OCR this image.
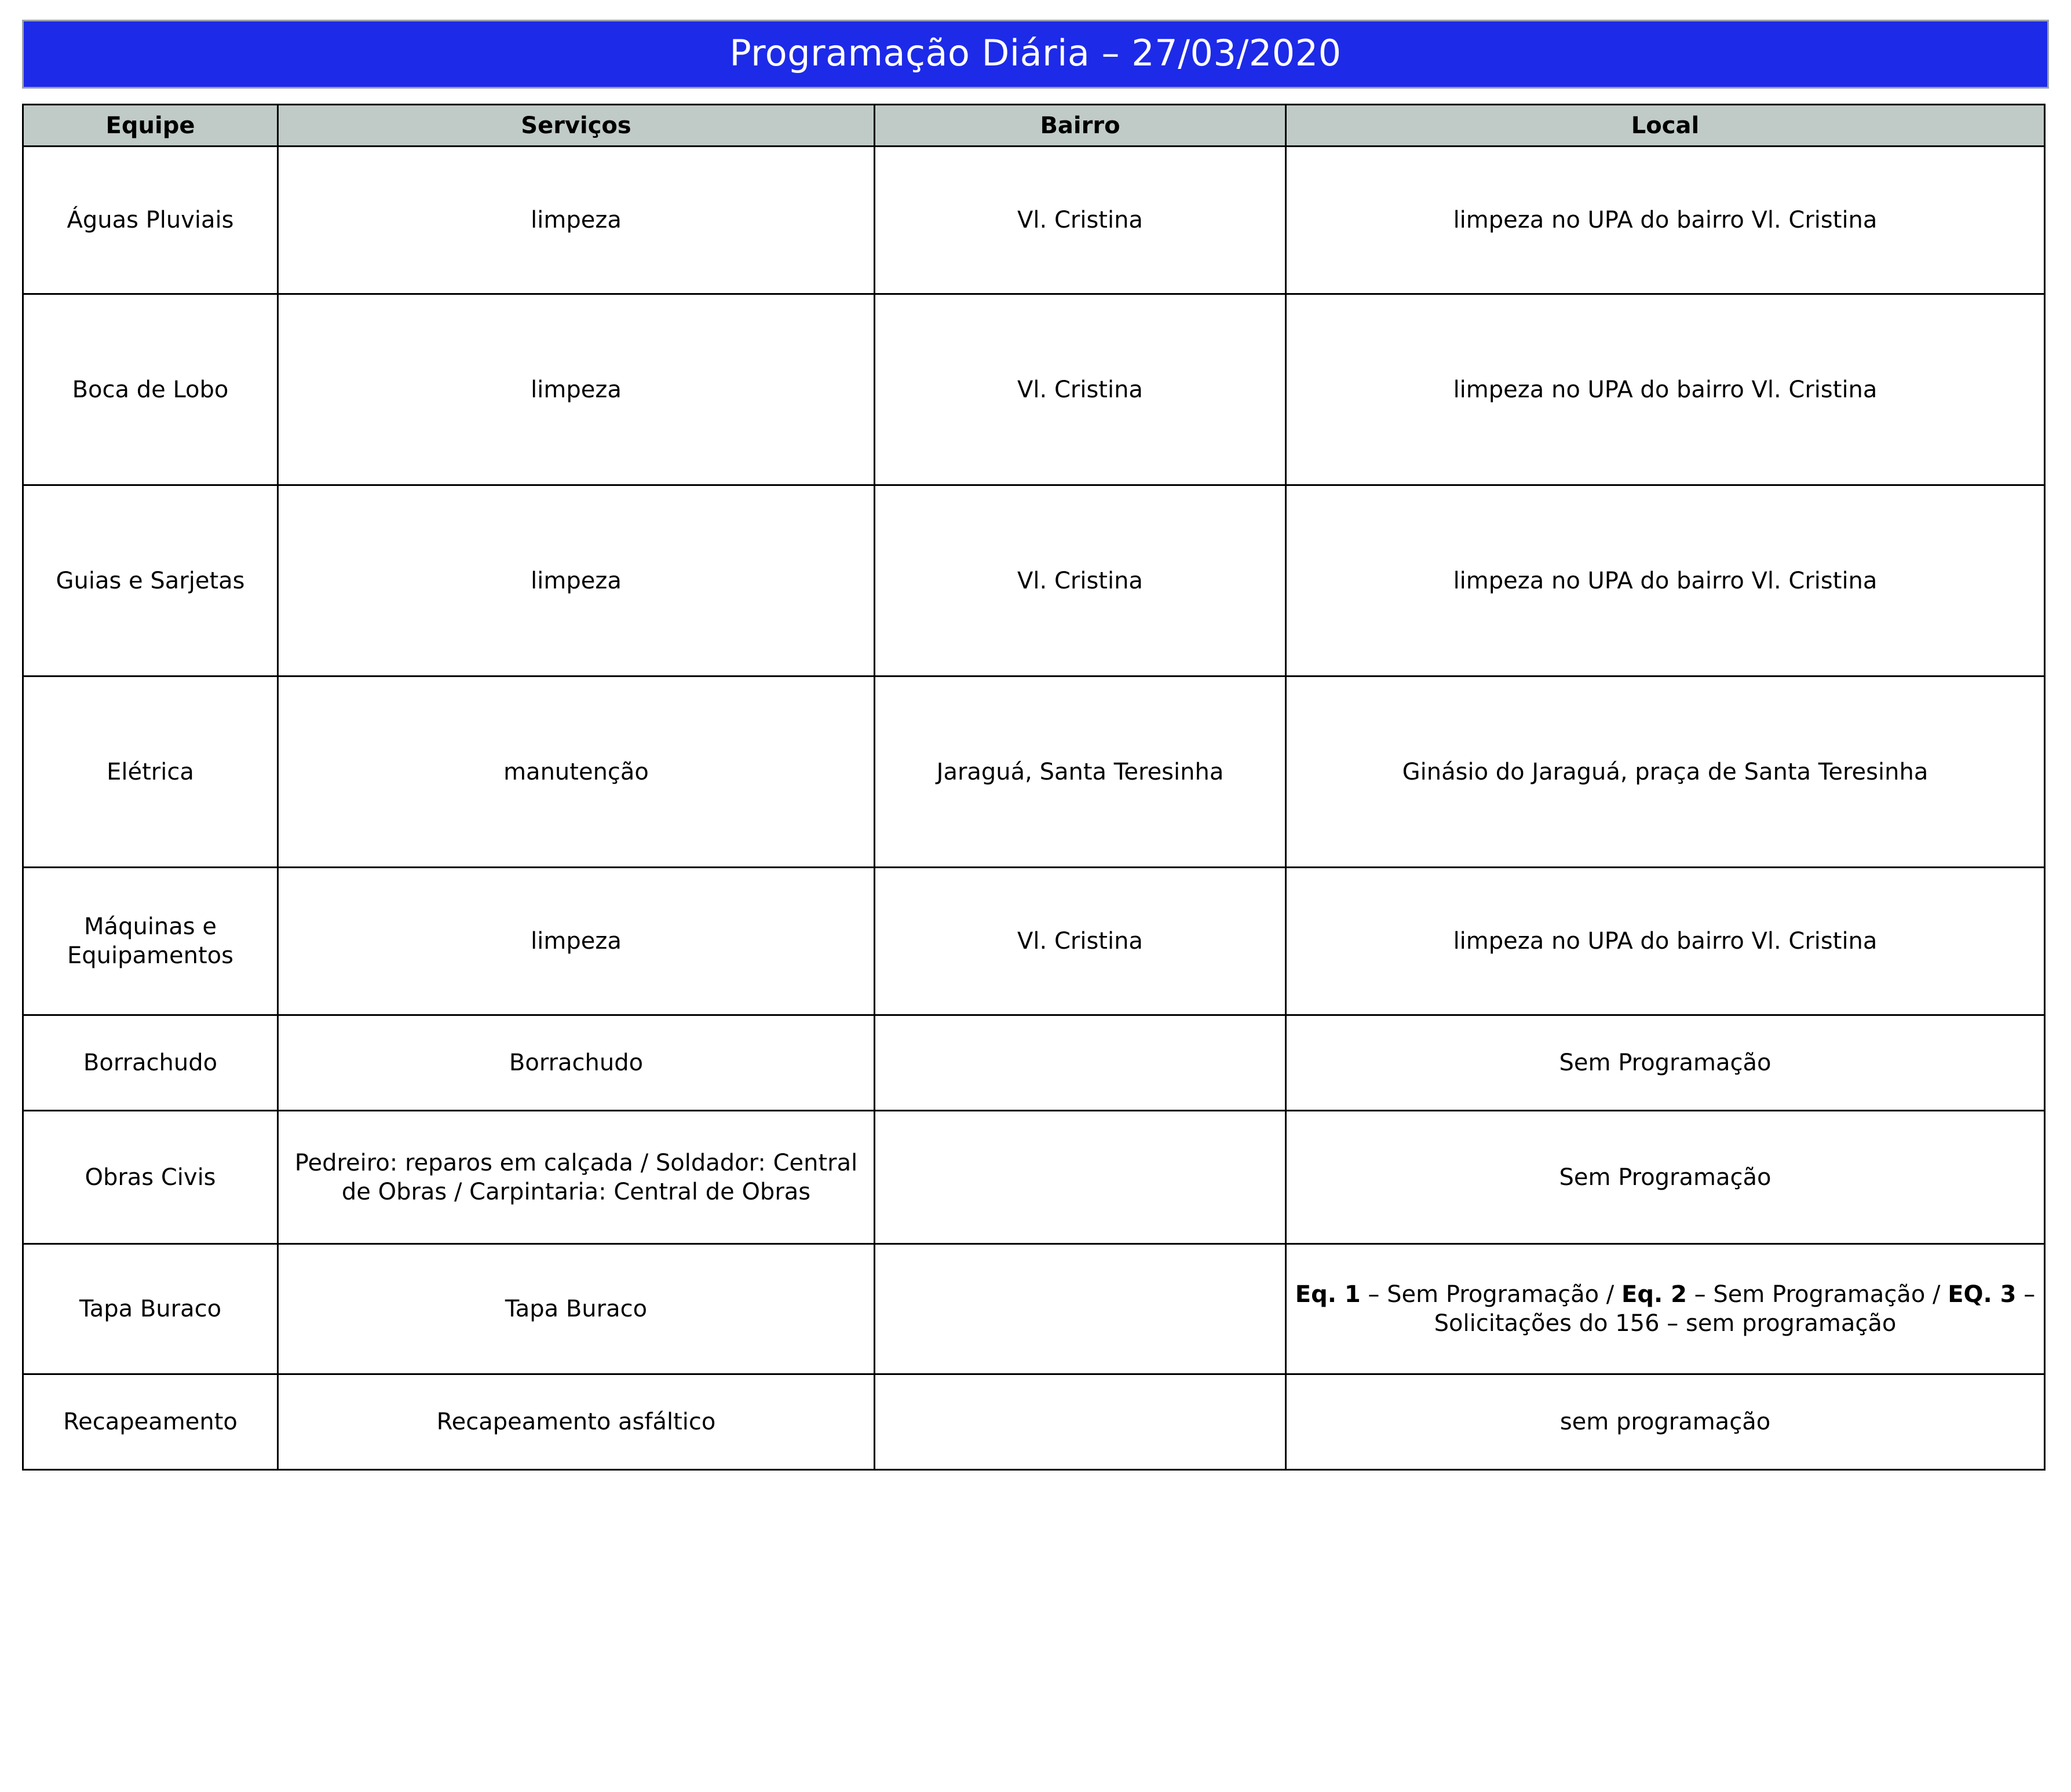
Programação Diária – 27/03/2020
Equipe	Serviços	Bairro	Local
Águas Pluviais	limpeza	Vl. Cristina	limpeza no UPA do bairro Vl. Cristina
Boca de Lobo	limpeza	Vl. Cristina	limpeza no UPA do bairro Vl. Cristina
Guias e Sarjetas	limpeza	Vl. Cristina	limpeza no UPA do bairro Vl. Cristina
Elétrica	manutenção	Jaraguá, Santa Teresinha	Ginásio do Jaraguá, praça de Santa Teresinha
Máquinas e Equipamentos	limpeza	Vl. Cristina	limpeza no UPA do bairro Vl. Cristina
Borrachudo	Borrachudo		Sem Programação
Obras Civis	Pedreiro: reparos em calçada / Soldador: Central de Obras / Carpintaria: Central de Obras		Sem Programação
Tapa Buraco	Tapa Buraco		Eq. 1 – Sem Programação / Eq. 2 – Sem Programação / EQ. 3 – Solicitações do 156 – sem programação
Recapeamento	Recapeamento asfáltico		sem programação
